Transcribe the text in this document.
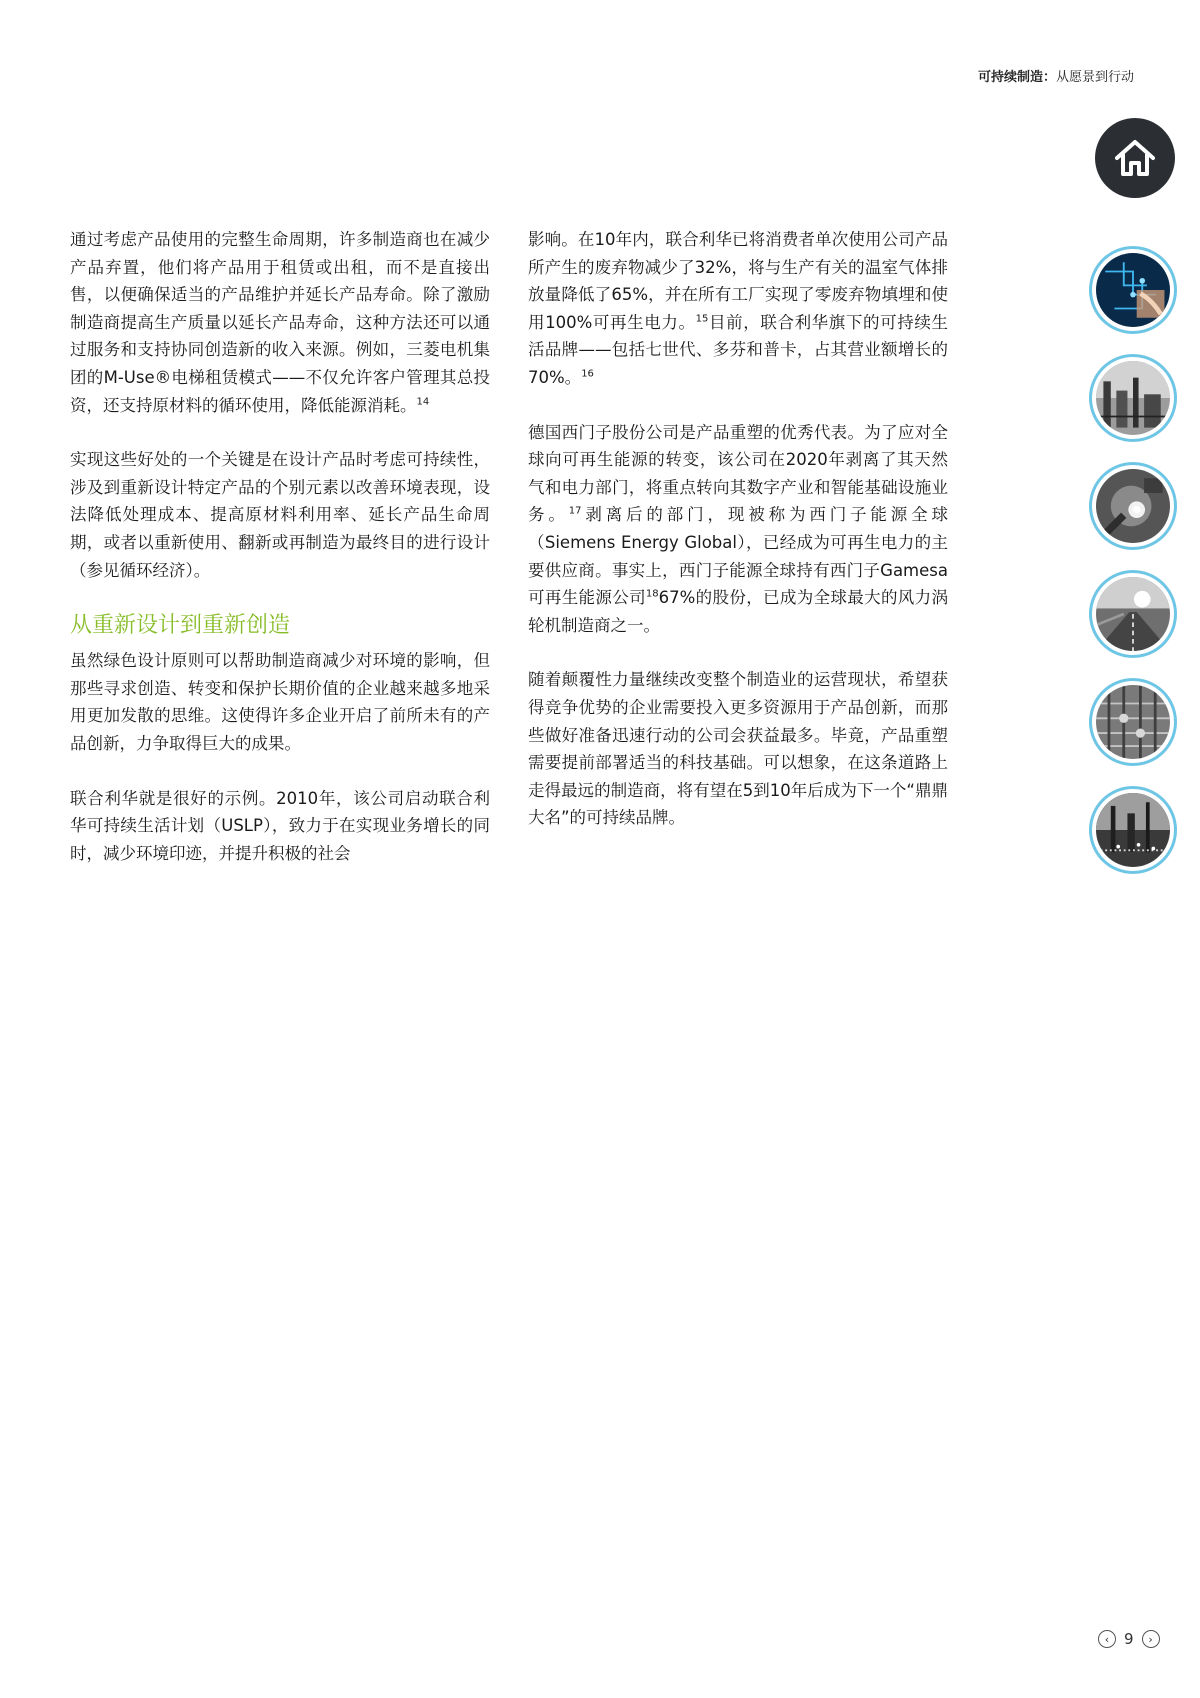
可持续制造：从愿景到行动

通过考虑产品使用的完整生命周期，许多制造商也在减少产品弃置，他们将产品用于租赁或出租，而不是直接出售，以便确保适当的产品维护并延长产品寿命。除了激励制造商提高生产质量以延长产品寿命，这种方法还可以通过服务和支持协同创造新的收入来源。例如，三菱电机集团的M-Use®电梯租赁模式——不仅允许客户管理其总投资，还支持原材料的循环使用，降低能源消耗。$^{14}$

实现这些好处的一个关键是在设计产品时考虑可持续性，涉及到重新设计特定产品的个别元素以改善环境表现，设法降低处理成本、提高原材料利用率、延长产品生命周期，或者以重新使用、翻新或再制造为最终目的进行设计（参见循环经济）。

从重新设计到重新创造

虽然绿色设计原则可以帮助制造商减少对环境的影响，但那些寻求创造、转变和保护长期价值的企业越来越多地采用更加发散的思维。这使得许多企业开启了前所未有的产品创新，力争取得巨大的成果。

联合利华就是很好的示例。2010年，该公司启动联合利华可持续生活计划（USLP），致力于在实现业务增长的同时，减少环境印迹，并提升积极的社会

影响。在10年内，联合利华已将消费者单次使用公司产品所产生的废弃物减少了32%，将与生产有关的温室气体排放量降低了65%，并在所有工厂实现了零废弃物填埋和使用100%可再生电力。$^{15}$目前，联合利华旗下的可持续生活品牌——包括七世代、多芬和普卡，占其营业额增长的70%。$^{16}$

德国西门子股份公司是产品重塑的优秀代表。为了应对全球向可再生能源的转变，该公司在2020年剥离了其天然气和电力部门，将重点转向其数字产业和智能基础设施业务。$^{17}$剥离后的部门，现被称为西门子能源全球（Siemens Energy Global），已经成为可再生电力的主要供应商。事实上，西门子能源全球持有西门子Gamesa可再生能源公司$^{18}$67%的股份，已成为全球最大的风力涡轮机制造商之一。

随着颠覆性力量继续改变整个制造业的运营现状，希望获得竞争优势的企业需要投入更多资源用于产品创新，而那些做好准备迅速行动的公司会获益最多。毕竟，产品重塑需要提前部署适当的科技基础。可以想象，在这条道路上走得最远的制造商，将有望在5到10年后成为下一个“鼎鼎大名”的可持续品牌。

‹ 9	›
